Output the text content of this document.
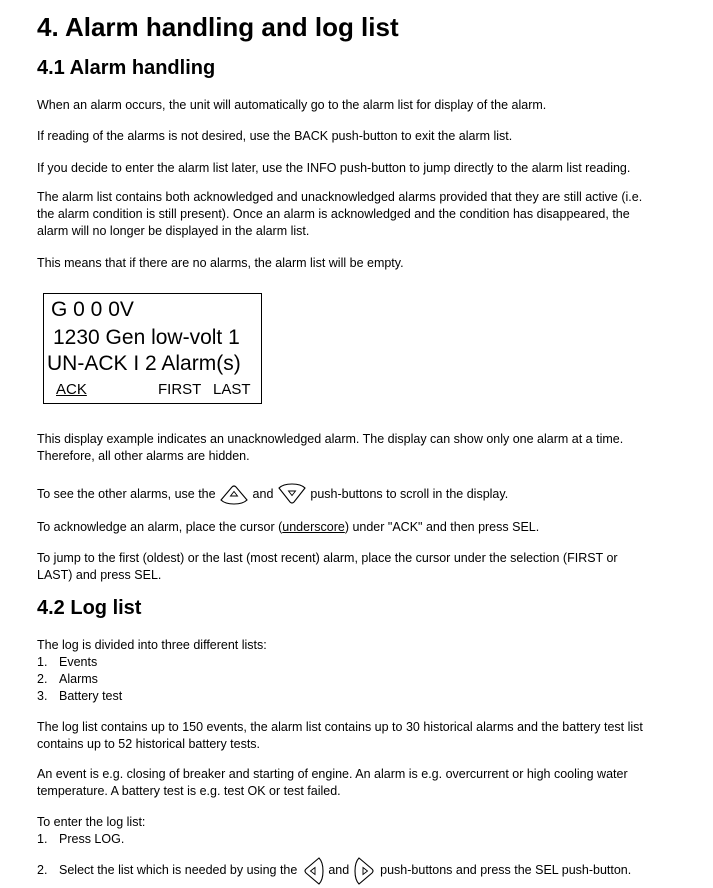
4. Alarm handling and log list
4.1 Alarm handling
When an alarm occurs, the unit will automatically go to the alarm list for display of the alarm.
If reading of the alarms is not desired, use the BACK push-button to exit the alarm list.
If you decide to enter the alarm list later, use the INFO push-button to jump directly to the alarm list reading.
The alarm list contains both acknowledged and unacknowledged alarms provided that they are still active (i.e.
the alarm condition is still present). Once an alarm is acknowledged and the condition has disappeared, the
alarm will no longer be displayed in the alarm list.
This means that if there are no alarms, the alarm list will be empty.
G 0 0 0V
1230 Gen low-volt 1
UN-ACK I 2 Alarm(s)
ACK	FIRST LAST
This display example indicates an unacknowledged alarm. The display can show only one alarm at a time.
Therefore, all other alarms are hidden.
To see the other alarms, use the	and	push-buttons to scroll in the display.
To acknowledge an alarm, place the cursor (underscore) under "ACK" and then press SEL.
To jump to the first (oldest) or the last (most recent) alarm, place the cursor under the selection (FIRST or
LAST) and press SEL.
4.2 Log list
The log is divided into three different lists:
1. Events
2. Alarms
3. Battery test
The log list contains up to 150 events, the alarm list contains up to 30 historical alarms and the battery test list
contains up to 52 historical battery tests.
An event is e.g. closing of breaker and starting of engine. An alarm is e.g. overcurrent or high cooling water
temperature. A battery test is e.g. test OK or test failed.
To enter the log list:
1. Press LOG.
2. Select the list which is needed by using the and push-buttons and press the SEL push-button.
